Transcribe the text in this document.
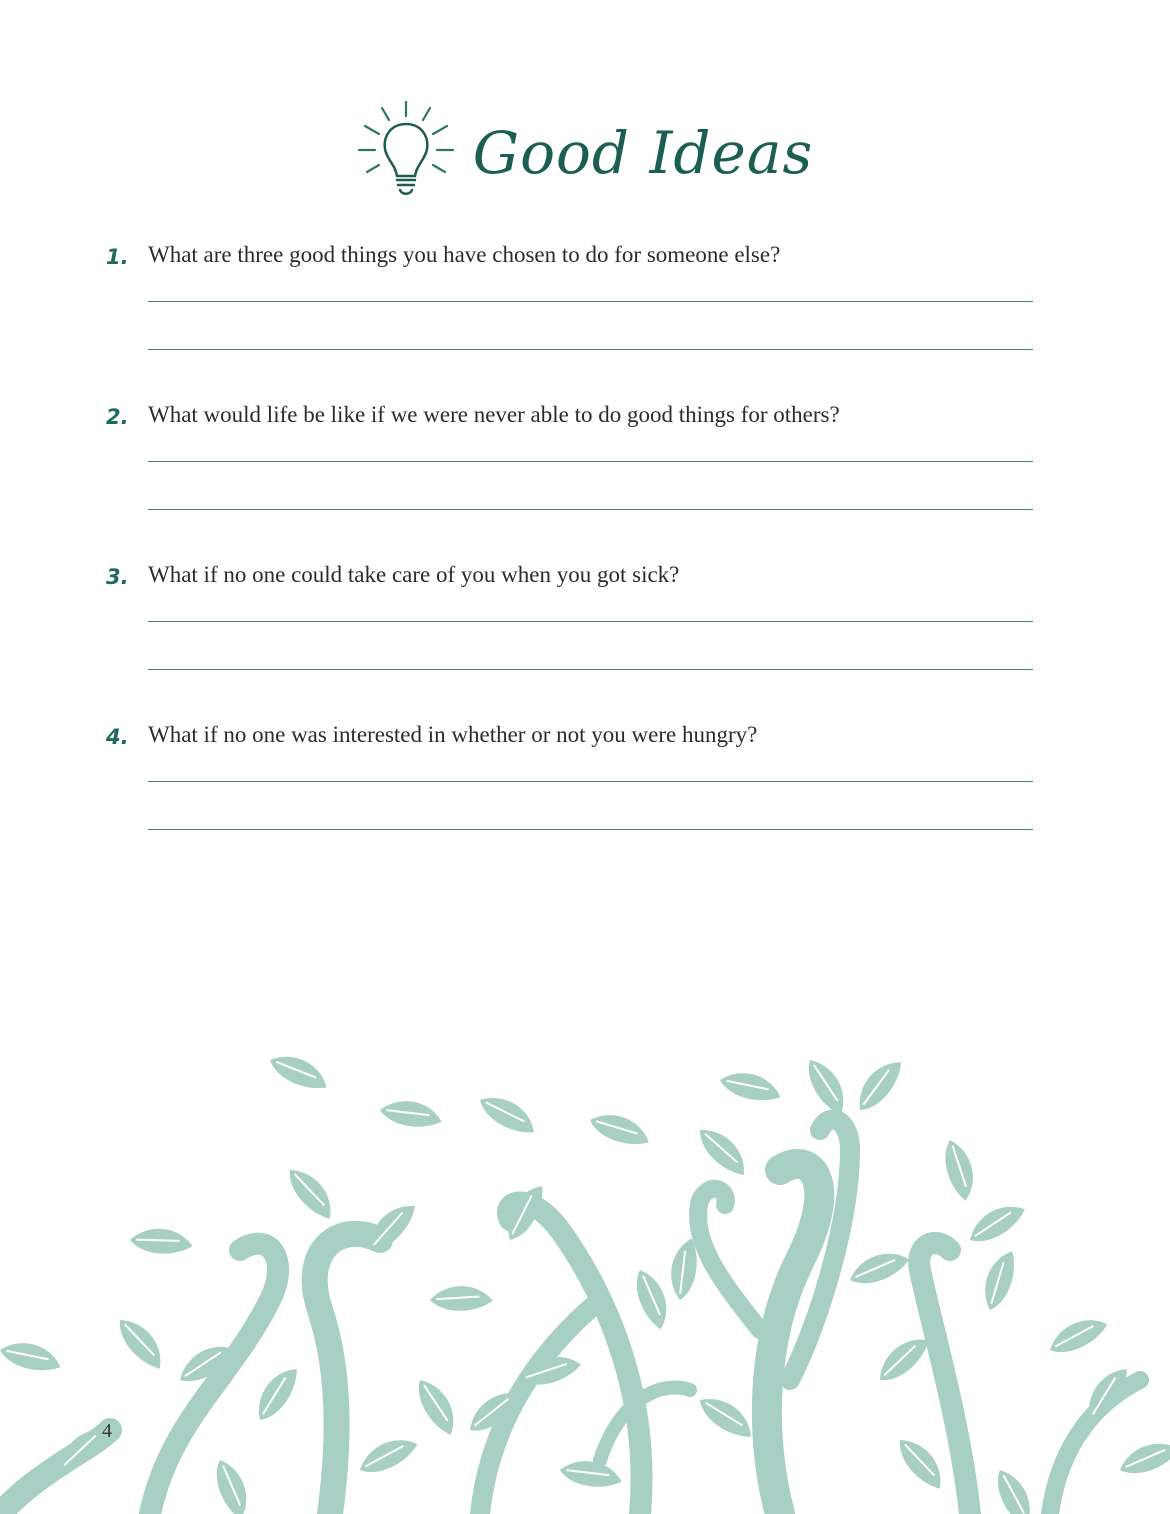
Good Ideas
1. What are three good things you have chosen to do for someone else?
2. What would life be like if we were never able to do good things for others?
3. What if no one could take care of you when you got sick?
4. What if no one was interested in whether or not you were hungry?
4
